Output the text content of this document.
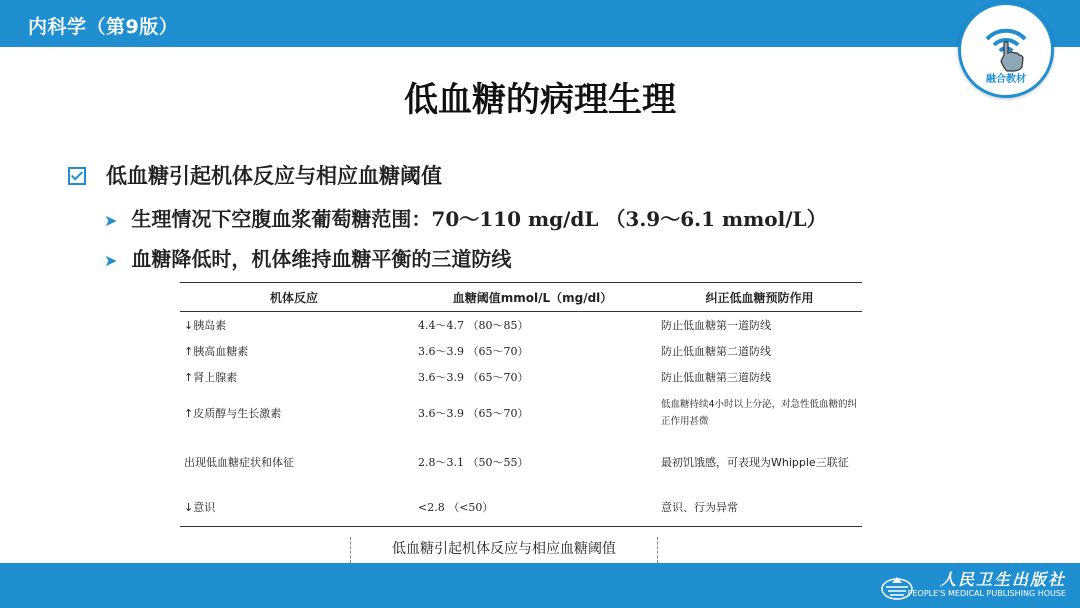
内科学（第9版）
融合教材
低血糖的病理生理
低血糖引起机体反应与相应血糖阈值
➤ 生理情况下空腹血浆葡萄糖范围：70～110 mg/dL （3.9～6.1 mmol/L）
➤ 血糖降低时，机体维持血糖平衡的三道防线
机体反应	血糖阈值mmol/L（mg/dl）	纠正低血糖预防作用
↓胰岛素	4.4～4.7 （80～85）	防止低血糖第一道防线
↑胰高血糖素	3.6～3.9 （65～70）	防止低血糖第二道防线
↑肾上腺素	3.6～3.9 （65～70）	防止低血糖第三道防线
↑皮质醇与生长激素	3.6～3.9 （65～70）	低血糖持续4小时以上分泌，对急性低血糖的纠正作用甚微
出现低血糖症状和体征	2.8～3.1 （50～55）	最初饥饿感，可表现为Whipple三联征
↓意识	<2.8 （<50）	意识、行为异常
低血糖引起机体反应与相应血糖阈值
人民卫生出版社
PEOPLE'S MEDICAL PUBLISHING HOUSE
